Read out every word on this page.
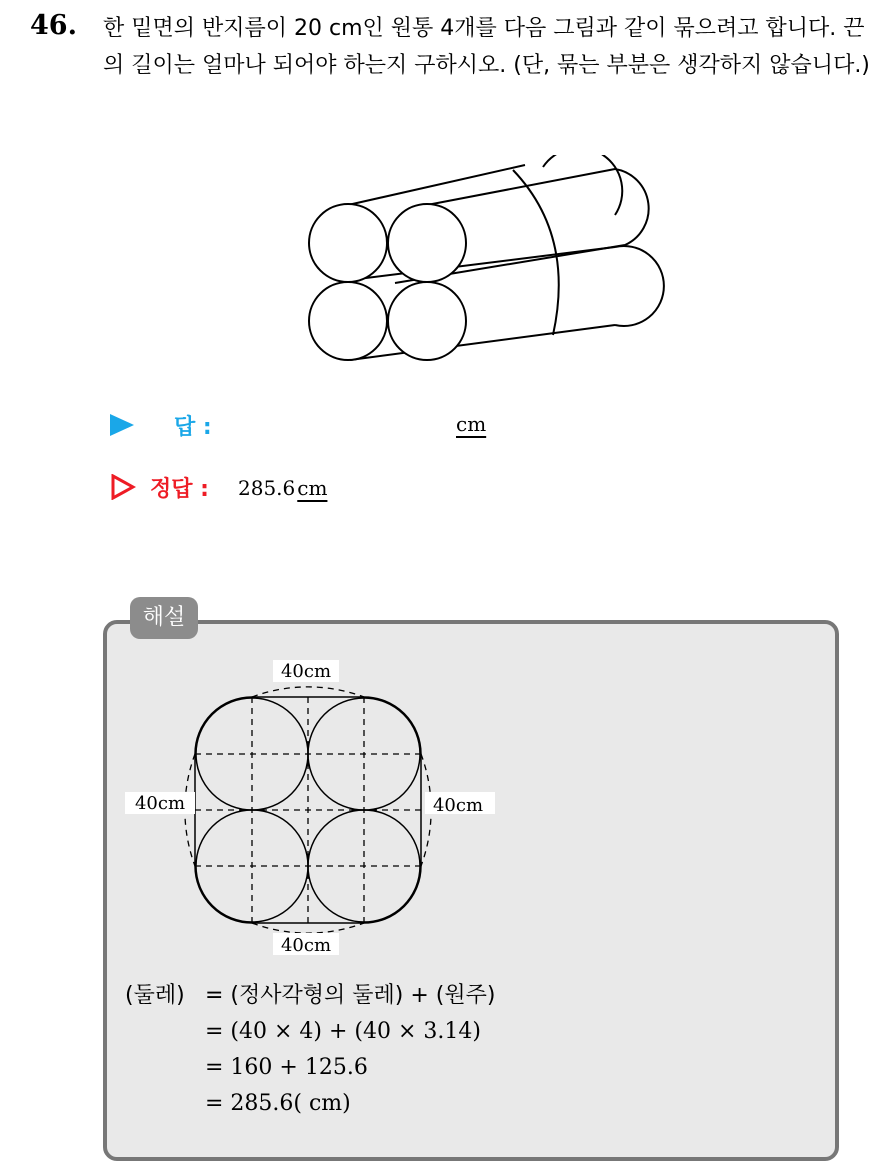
46. 한 밑면의 반지름이 20 cm인 원통 4개를 다음 그림과 같이 묶으려고 합니다. 끈의 길이는 얼마나 되어야 하는지 구하시오. (단, 묶는 부분은 생각하지 않습니다.)
답 :	cm
정답 : 285.6 cm
해설
40cm
40cm	40cm
40cm
(둘레) = (정사각형의 둘레) + (원주)
= (40 × 4) + (40 × 3.14)
= 160 + 125.6
= 285.6( cm)
